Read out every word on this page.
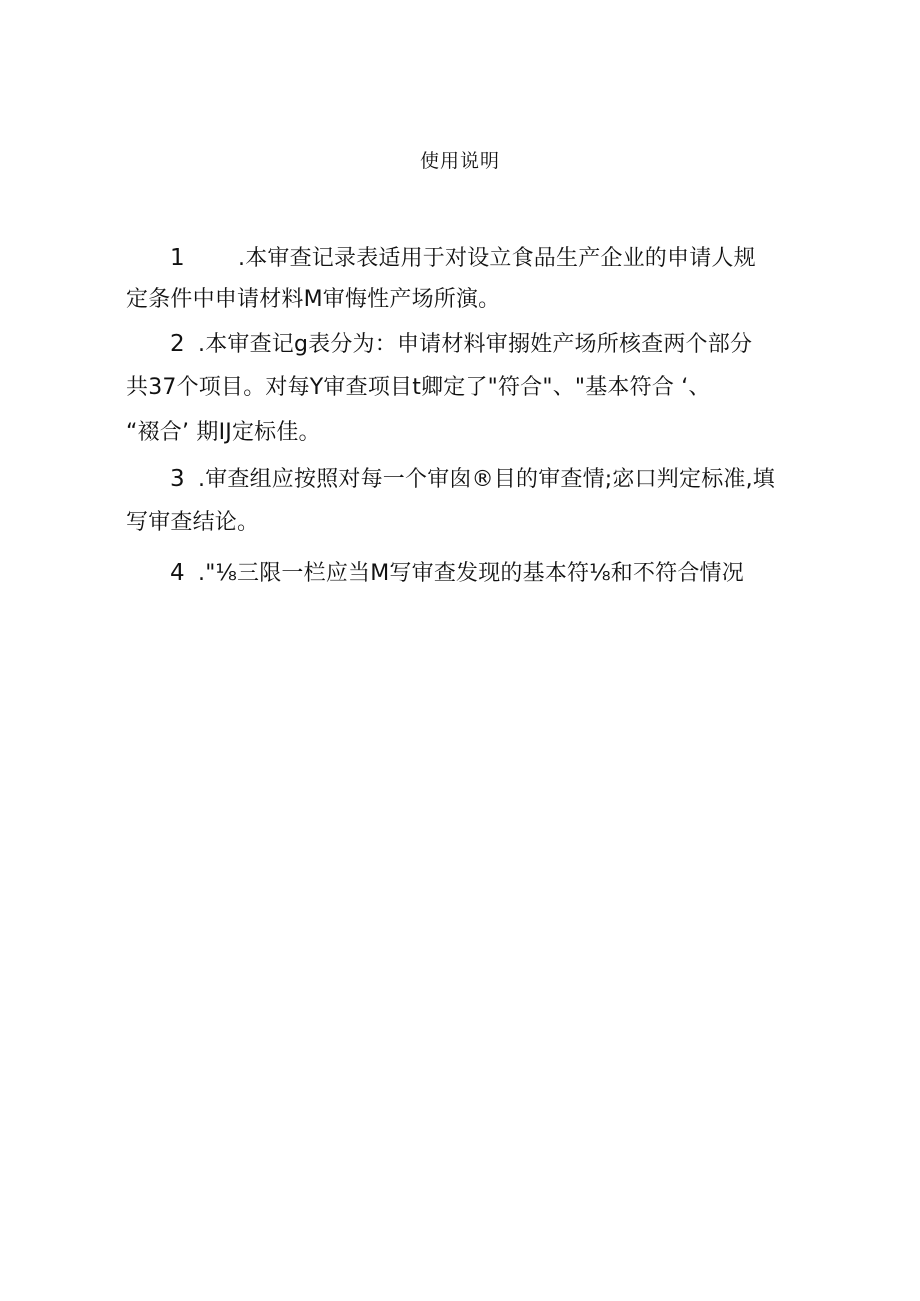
使用说明
1 .本审查记录表适用于对设立食品生产企业的申请人规
定条件中申请材料M审悔性产场所演。
2 .本审查记g表分为：申请材料审搦姓产场所核查两个部分
共37个项目。对每Y审查项目t卿定了"符合"、"基本符合 ‘、
“裰合’ 期IJ定标佳。
3 .审查组应按照对每一个审囱®目的审查情;宓口判定标准,填
写审查结论。
4 ."⅛三限一栏应当M写审查发现的基本符⅛和不符合情况
